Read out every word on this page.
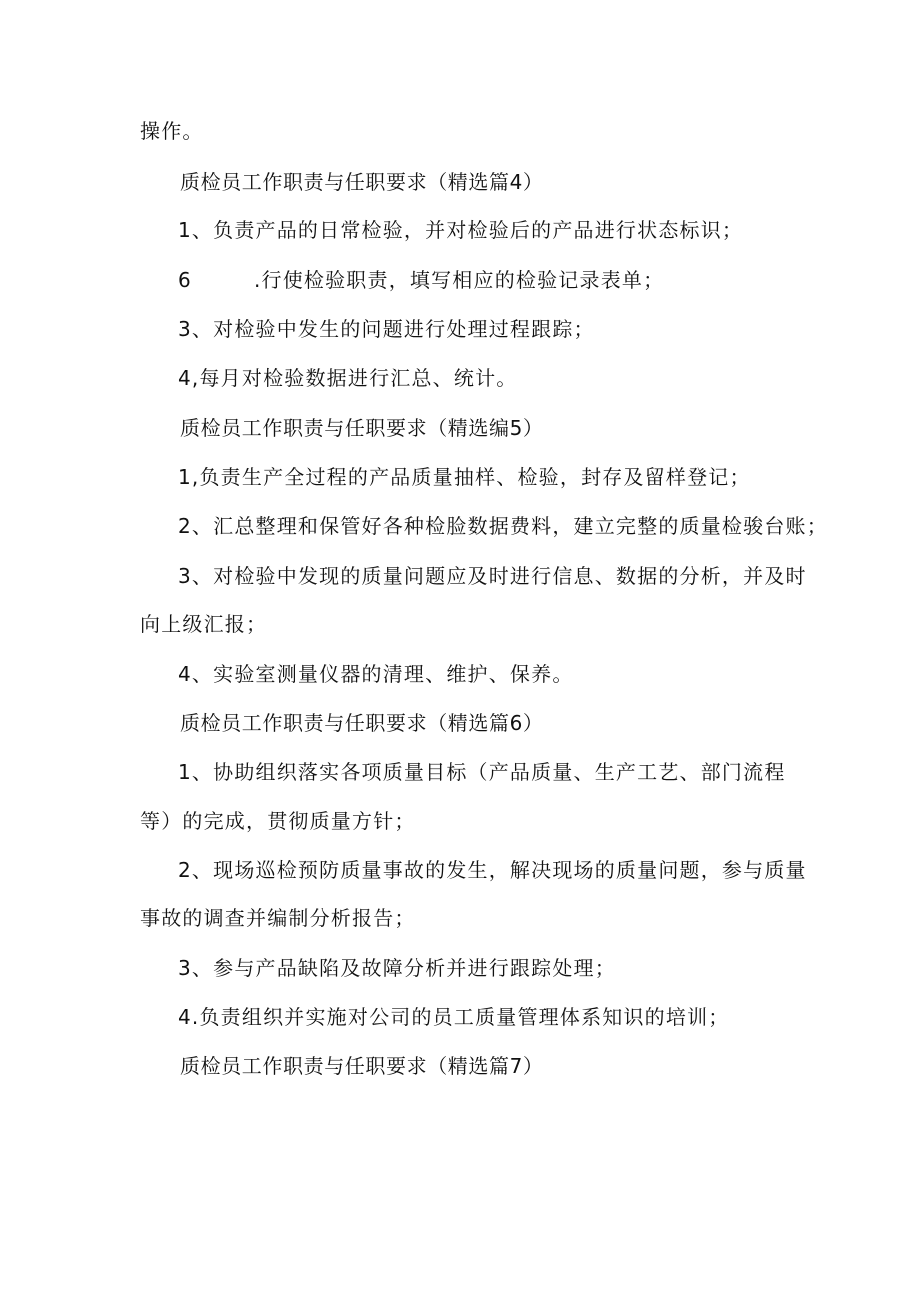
操作。
质检员工作职责与任职要求（精选篇4）
1、负责产品的日常检验，并对检验后的产品进行状态标识；
6	.行使检验职责，填写相应的检验记录表单；
3、对检验中发生的问题进行处理过程跟踪；
4,每月对检验数据进行汇总、统计。
质检员工作职责与任职要求（精选编5）
1,负责生产全过程的产品质量抽样、检验，封存及留样登记；
2、汇总整理和保管好各种检脸数据费料，建立完整的质量检骏台账；
3、对检验中发现的质量问题应及时进行信息、数据的分析，并及时
向上级汇报；
4、实验室测量仪器的清理、维护、保养。
质检员工作职责与任职要求（精选篇6）
1、协助组织落实各项质量目标（产品质量、生产工艺、部门流程
等）的完成，贯彻质量方针；
2、现场巡检预防质量事故的发生，解决现场的质量问题，参与质量
事故的调查并编制分析报告；
3、参与产品缺陷及故障分析并进行跟踪处理；
4.负责组织并实施对公司的员工质量管理体系知识的培训；
质检员工作职责与任职要求（精选篇7）
